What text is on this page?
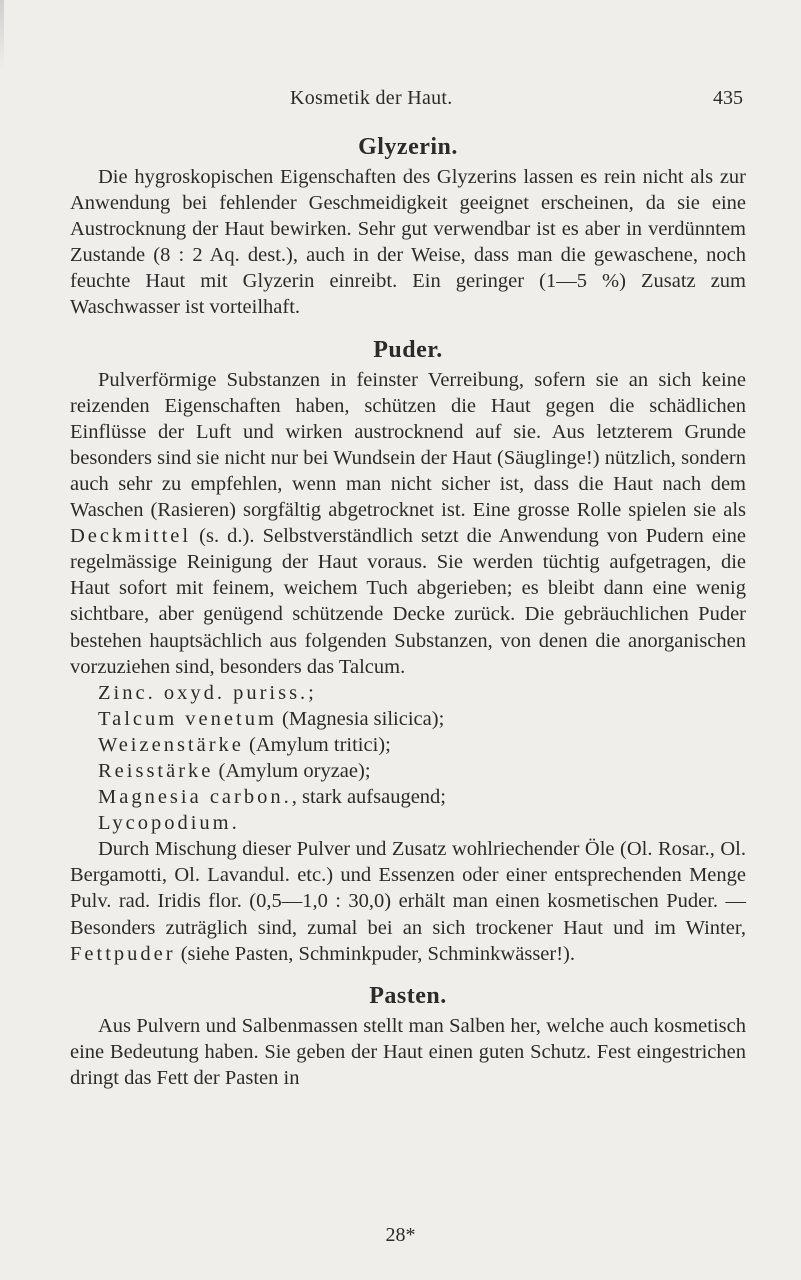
Kosmetik der Haut.	435
Glyzerin.

Die hygroskopischen Eigenschaften des Glyzerins lassen es rein nicht als zur Anwendung bei fehlender Geschmeidigkeit geeignet erscheinen, da sie eine Austrocknung der Haut bewirken. Sehr gut verwendbar ist es aber in verdünntem Zustande (8 : 2 Aq. dest.), auch in der Weise, dass man die gewaschene, noch feuchte Haut mit Glyzerin einreibt. Ein geringer (1—5 %) Zusatz zum Waschwasser ist vorteilhaft.

Puder.

Pulverförmige Substanzen in feinster Verreibung, sofern sie an sich keine reizenden Eigenschaften haben, schützen die Haut gegen die schädlichen Einflüsse der Luft und wirken austrocknend auf sie. Aus letzterem Grunde besonders sind sie nicht nur bei Wundsein der Haut (Säuglinge!) nützlich, sondern auch sehr zu empfehlen, wenn man nicht sicher ist, dass die Haut nach dem Waschen (Rasieren) sorgfältig abgetrocknet ist. Eine grosse Rolle spielen sie als Deckmittel (s. d.). Selbstverständlich setzt die Anwendung von Pudern eine regelmässige Reinigung der Haut voraus. Sie werden tüchtig aufgetragen, die Haut sofort mit feinem, weichem Tuch abgerieben; es bleibt dann eine wenig sichtbare, aber genügend schützende Decke zurück. Die gebräuchlichen Puder bestehen hauptsächlich aus folgenden Substanzen, von denen die anorganischen vorzuziehen sind, besonders das Talcum.

Zinc. oxyd. puriss.;
Talcum venetum (Magnesia silicica);
Weizenstärke (Amylum tritici);
Reisstärke (Amylum oryzae);
Magnesia carbon., stark aufsaugend;
Lycopodium.

Durch Mischung dieser Pulver und Zusatz wohlriechender Öle (Ol. Rosar., Ol. Bergamotti, Ol. Lavandul. etc.) und Essenzen oder einer entsprechenden Menge Pulv. rad. Iridis flor. (0,5—1,0 : 30,0) erhält man einen kosmetischen Puder. — Besonders zuträglich sind, zumal bei an sich trockener Haut und im Winter, Fettpuder (siehe Pasten, Schminkpuder, Schminkwässer!).

Pasten.

Aus Pulvern und Salbenmassen stellt man Salben her, welche auch kosmetisch eine Bedeutung haben. Sie geben der Haut einen guten Schutz. Fest eingestrichen dringt das Fett der Pasten in

28*
